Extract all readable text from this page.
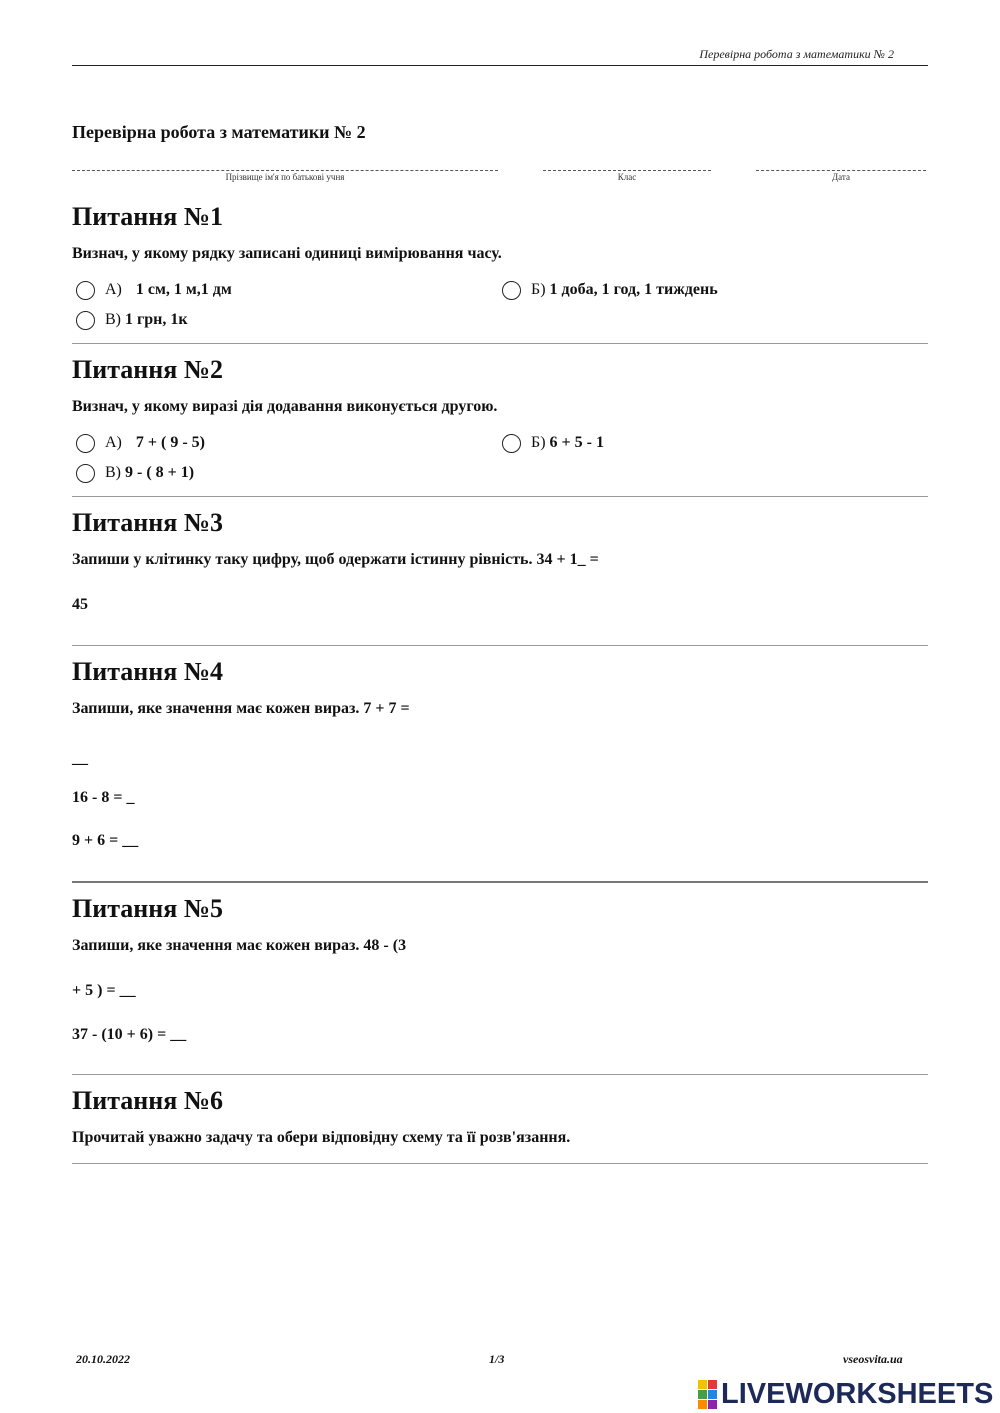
Перевірна робота з математики № 2
Перевірна робота з математики № 2
Прізвище ім'я по батькові учня	Клас	Дата
Питання №1
Визнач, у якому рядку записані одиниці вимірювання часу.
А)
1 см, 1 м,1 дм	Б)
1 доба, 1 год, 1 тиждень
В)
1 грн, 1к
Питання №2
Визнач, у якому виразі дія додавання виконується другою.
А)
7 + ( 9 - 5)	Б)
6 + 5 - 1
В)
9 - ( 8 + 1)
Питання №3
Запиши у клітинку таку цифру, щоб одержати істинну рівність. 34 + 1_ =
45
Питання №4
Запиши, яке значення має кожен вираз. 7 + 7 =
__
16 - 8 = _
9 + 6 = __
Питання №5
Запиши, яке значення має кожен вираз. 48 - (3
+ 5 ) = __
37 - (10 + 6) = __
Питання №6
Прочитай уважно задачу та обери відповідну схему та її розв'язання.
20.10.2022	1/3	vseosvita.ua
LIVEWORKSHEETS
